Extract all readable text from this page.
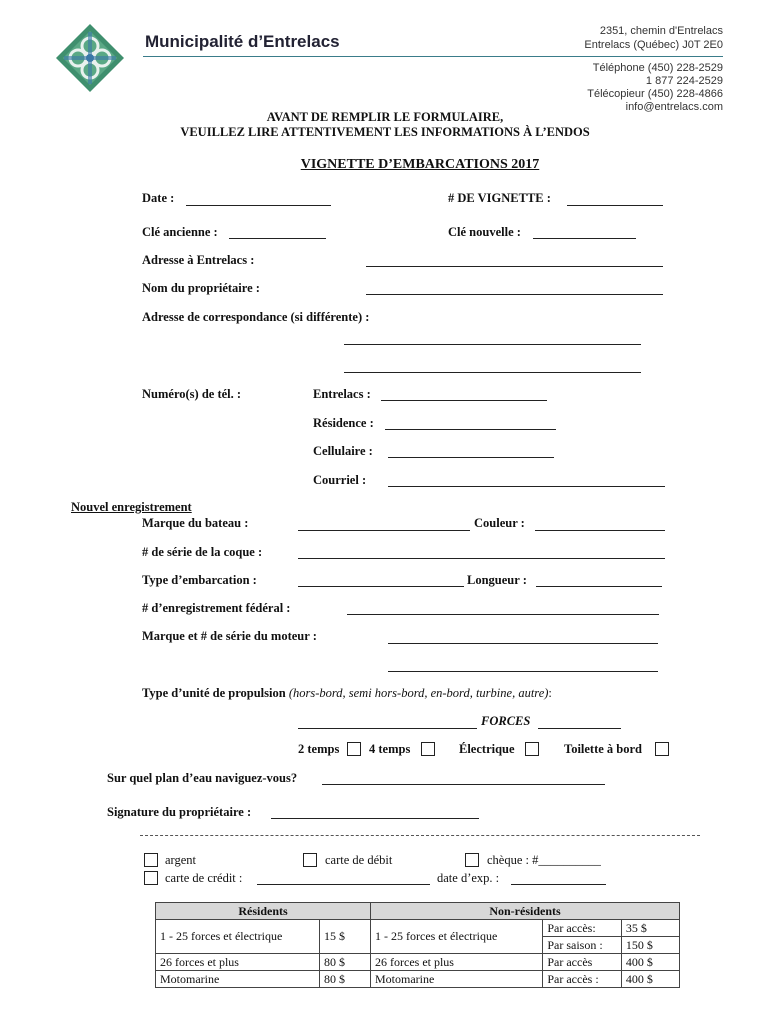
Municipalité d’Entrelacs
2351, chemin d'Entrelacs
Entrelacs (Québec) J0T 2E0
Téléphone (450) 228-2529
1 877 224-2529
Télécopieur (450) 228-4866
info@entrelacs.com
AVANT DE REMPLIR LE FORMULAIRE,
VEUILLEZ LIRE ATTENTIVEMENT LES INFORMATIONS À L’ENDOS
VIGNETTE D’EMBARCATIONS 2017
Date :	# DE VIGNETTE :
Clé ancienne :	Clé nouvelle :
Adresse à Entrelacs :
Nom du propriétaire :
Adresse de correspondance (si différente) :
Numéro(s) de tél. :	Entrelacs :
Résidence :
Cellulaire :
Courriel :
Nouvel enregistrement
Marque du bateau :	Couleur :
# de série de la coque :
Type d’embarcation :	Longueur :
# d’enregistrement fédéral :
Marque et # de série du moteur :
Type d’unité de propulsion (hors-bord, semi hors-bord, en-bord, turbine, autre):
FORCES
2 temps 4 temps	Électrique	Toilette à bord
Sur quel plan d’eau naviguez-vous?
Signature du propriétaire :
argent	carte de débit	chèque : #__________
carte de crédit :	date d’exp. :
Résidents		Non-résidents		
1 - 25 forces et électrique	15 $	1 - 25 forces et électrique	Par accès:	35 $
			Par saison :	150 $
26 forces et plus	80 $	26 forces et plus	Par accès	400 $
Motomarine	80 $	Motomarine	Par accès :	400 $
